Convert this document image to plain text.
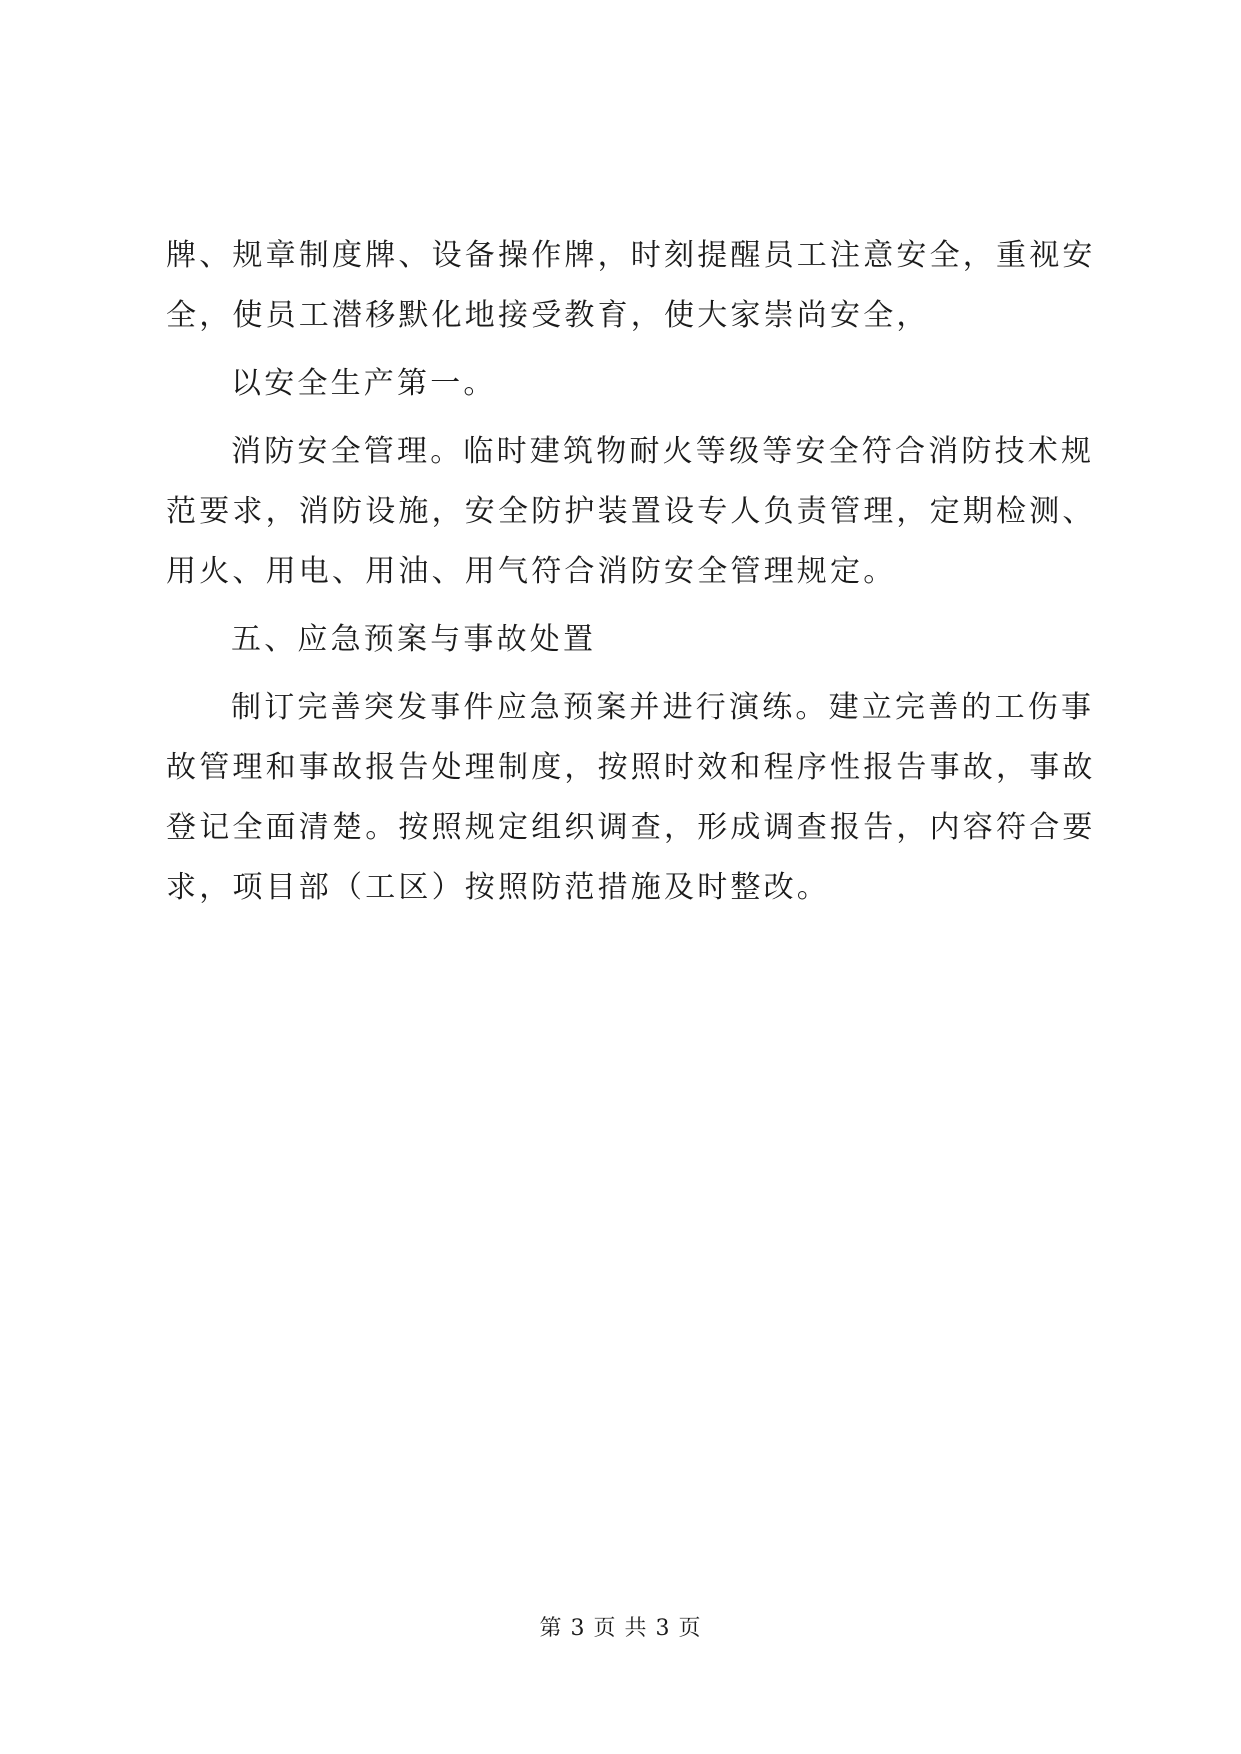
牌、规章制度牌、设备操作牌，时刻提醒员工注意安全，重视安
全，使员工潜移默化地接受教育，使大家崇尚安全，
以安全生产第一。
消防安全管理。临时建筑物耐火等级等安全符合消防技术规
范要求，消防设施，安全防护装置设专人负责管理，定期检测、
用火、用电、用油、用气符合消防安全管理规定。
五、应急预案与事故处置
制订完善突发事件应急预案并进行演练。建立完善的工伤事
故管理和事故报告处理制度，按照时效和程序性报告事故，事故
登记全面清楚。按照规定组织调查，形成调查报告，内容符合要
求，项目部（工区）按照防范措施及时整改。
第 3 页 共 3 页
